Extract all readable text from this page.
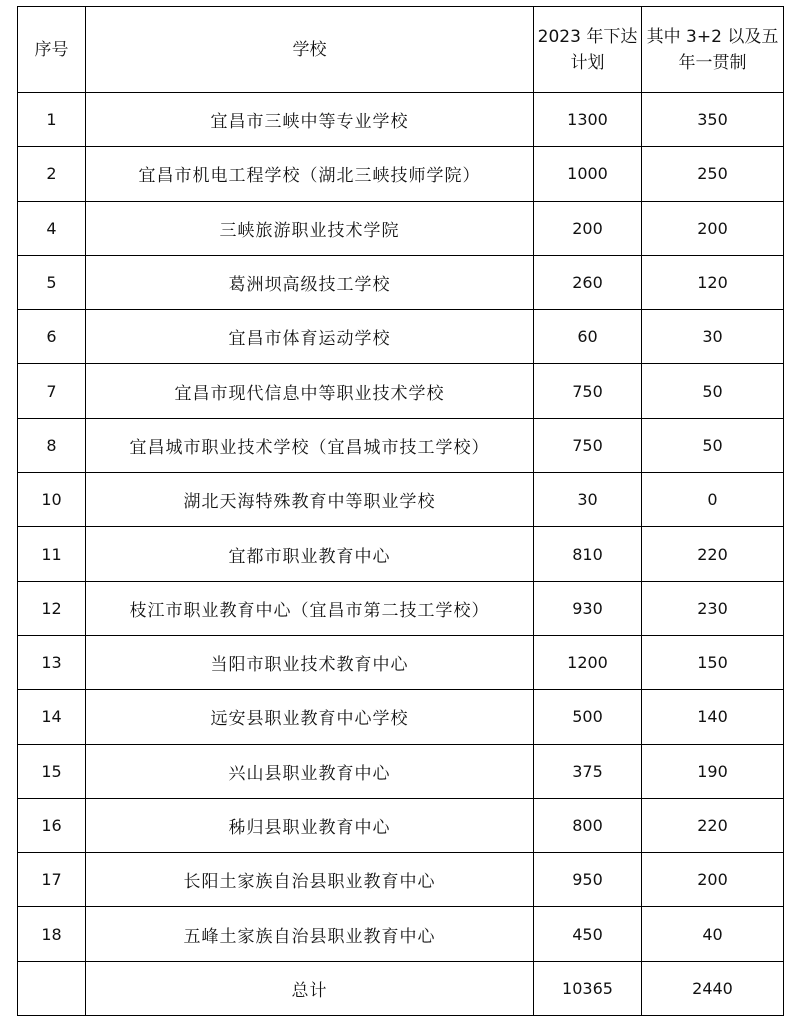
序号	学校	2023 年下达计划	其中 3+2 以及五年一贯制
1	宜昌市三峡中等专业学校	1300	350
2	宜昌市机电工程学校（湖北三峡技师学院）	1000	250
4	三峡旅游职业技术学院	200	200
5	葛洲坝高级技工学校	260	120
6	宜昌市体育运动学校	60	30
7	宜昌市现代信息中等职业技术学校	750	50
8	宜昌城市职业技术学校（宜昌城市技工学校）	750	50
10	湖北天海特殊教育中等职业学校	30	0
11	宜都市职业教育中心	810	220
12	枝江市职业教育中心（宜昌市第二技工学校）	930	230
13	当阳市职业技术教育中心	1200	150
14	远安县职业教育中心学校	500	140
15	兴山县职业教育中心	375	190
16	秭归县职业教育中心	800	220
17	长阳土家族自治县职业教育中心	950	200
18	五峰土家族自治县职业教育中心	450	40
	总计	10365	2440
